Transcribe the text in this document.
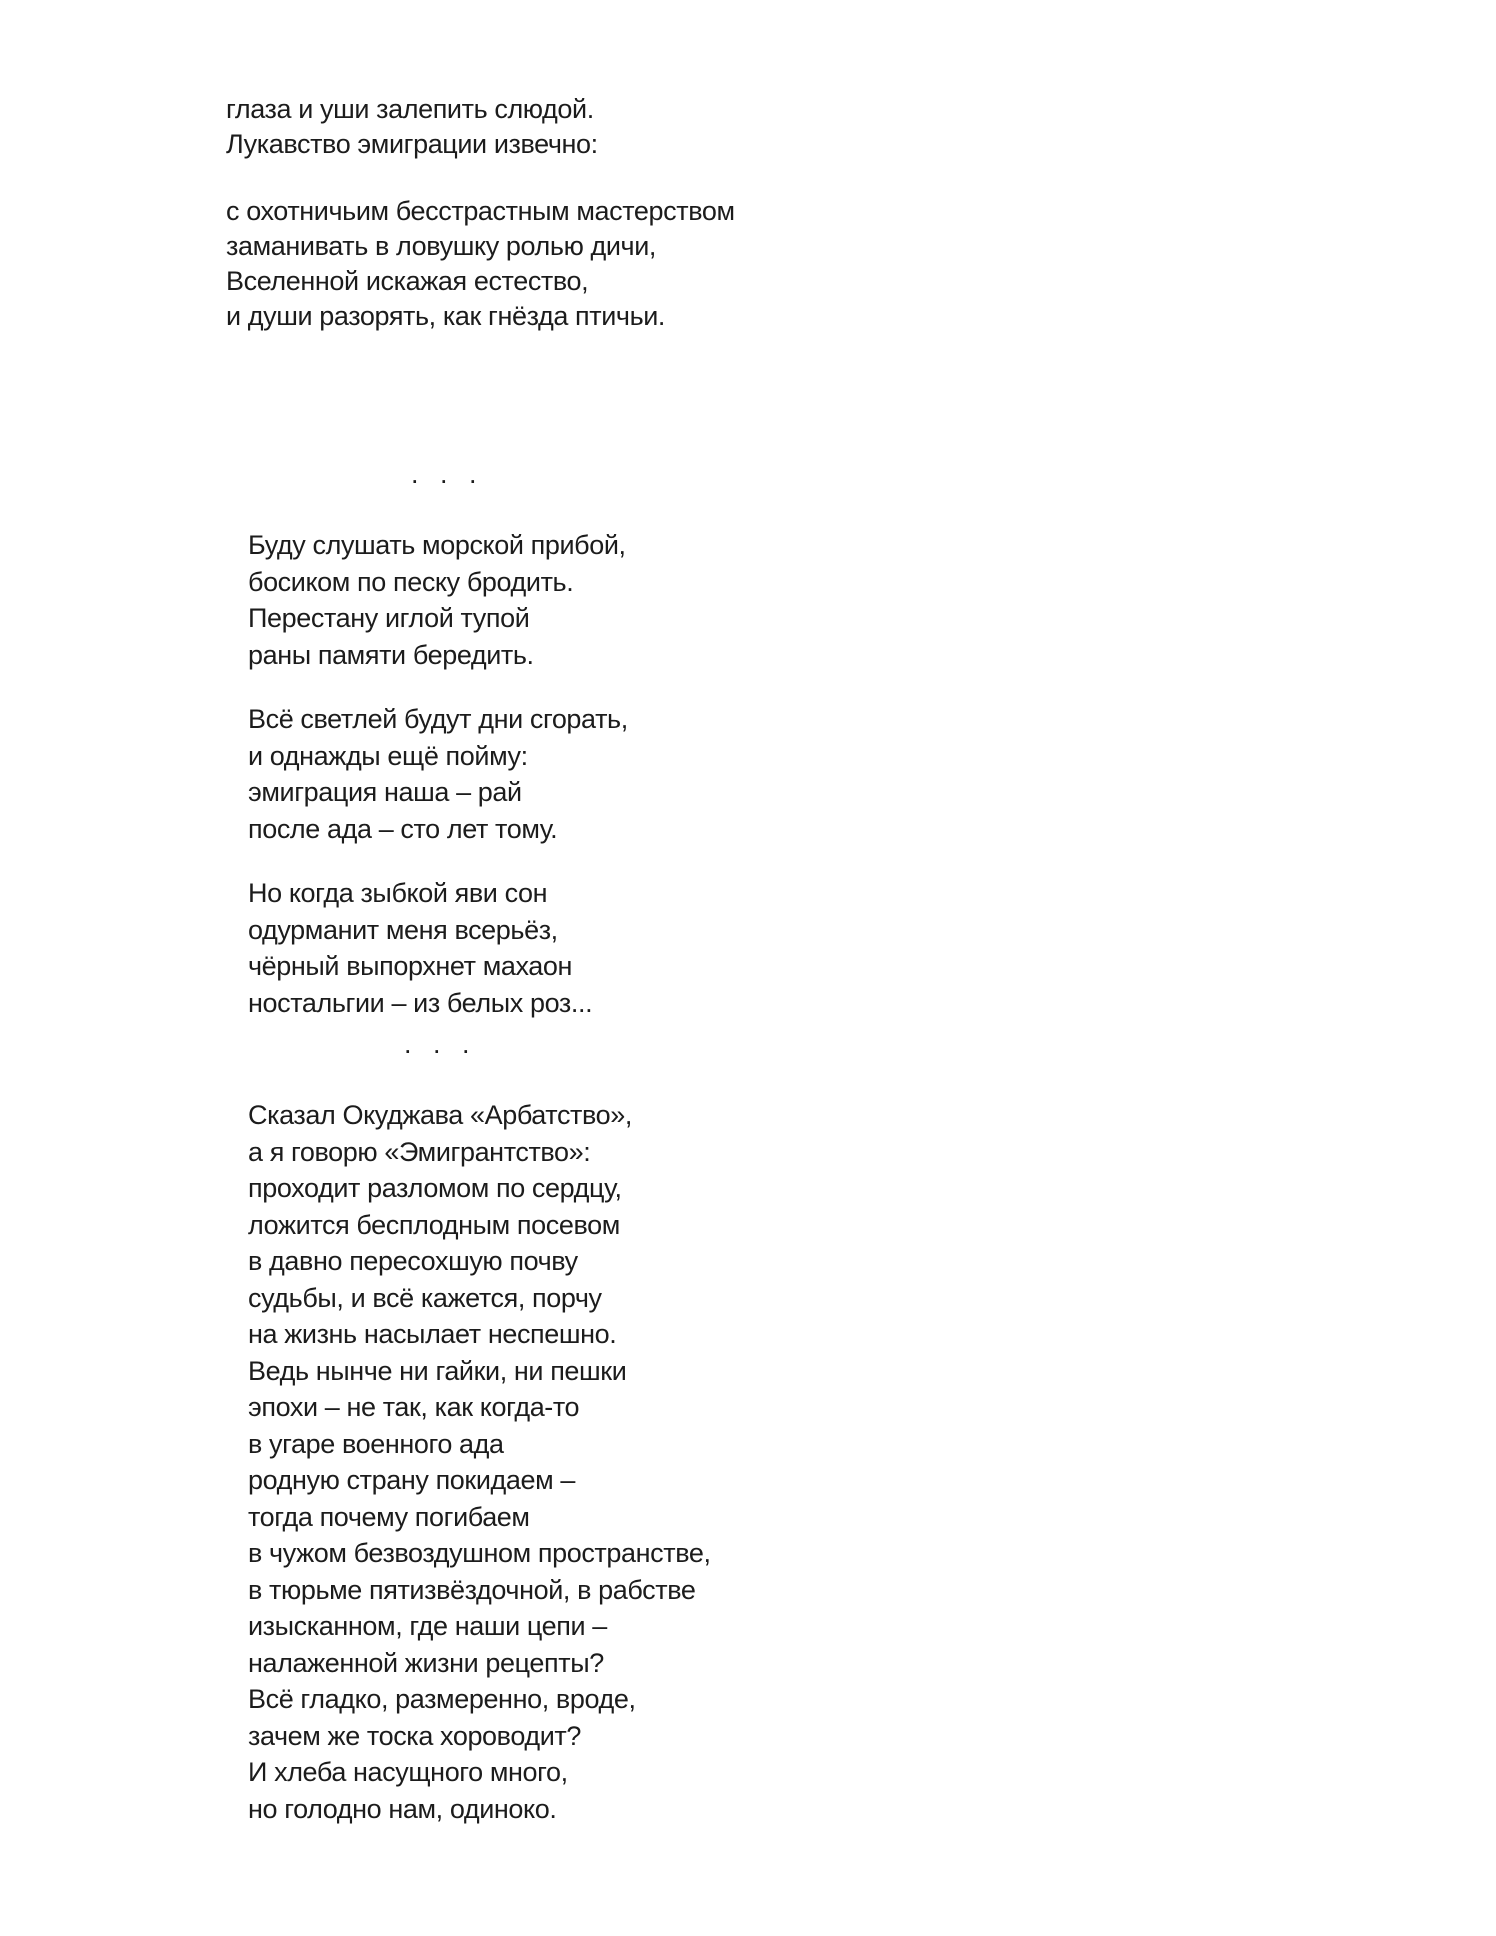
глаза и уши залепить слюдой.
Лукавство эмиграции извечно:
с охотничьим бесстрастным мастерством
заманивать в ловушку ролью дичи,
Вселенной искажая естество,
и души разорять, как гнёзда птичьи.
. . .
Буду слушать морской прибой,
босиком по песку бродить.
Перестану иглой тупой
раны памяти бередить.
Всё светлей будут дни сгорать,
и однажды ещё пойму:
эмиграция наша – рай
после ада – сто лет тому.
Но когда зыбкой яви сон
одурманит меня всерьёз,
чёрный выпорхнет махаон
ностальгии – из белых роз...
. . .
Сказал Окуджава «Арбатство»,
а я говорю «Эмигрантство»:
проходит разломом по сердцу,
ложится бесплодным посевом
в давно пересохшую почву
судьбы, и всё кажется, порчу
на жизнь насылает неспешно.
Ведь нынче ни гайки, ни пешки
эпохи – не так, как когда-то
в угаре военного ада
родную страну покидаем –
тогда почему погибаем
в чужом безвоздушном пространстве,
в тюрьме пятизвёздочной, в рабстве
изысканном, где наши цепи –
налаженной жизни рецепты?
Всё гладко, размеренно, вроде,
зачем же тоска хороводит?
И хлеба насущного много,
но голодно нам, одиноко.
